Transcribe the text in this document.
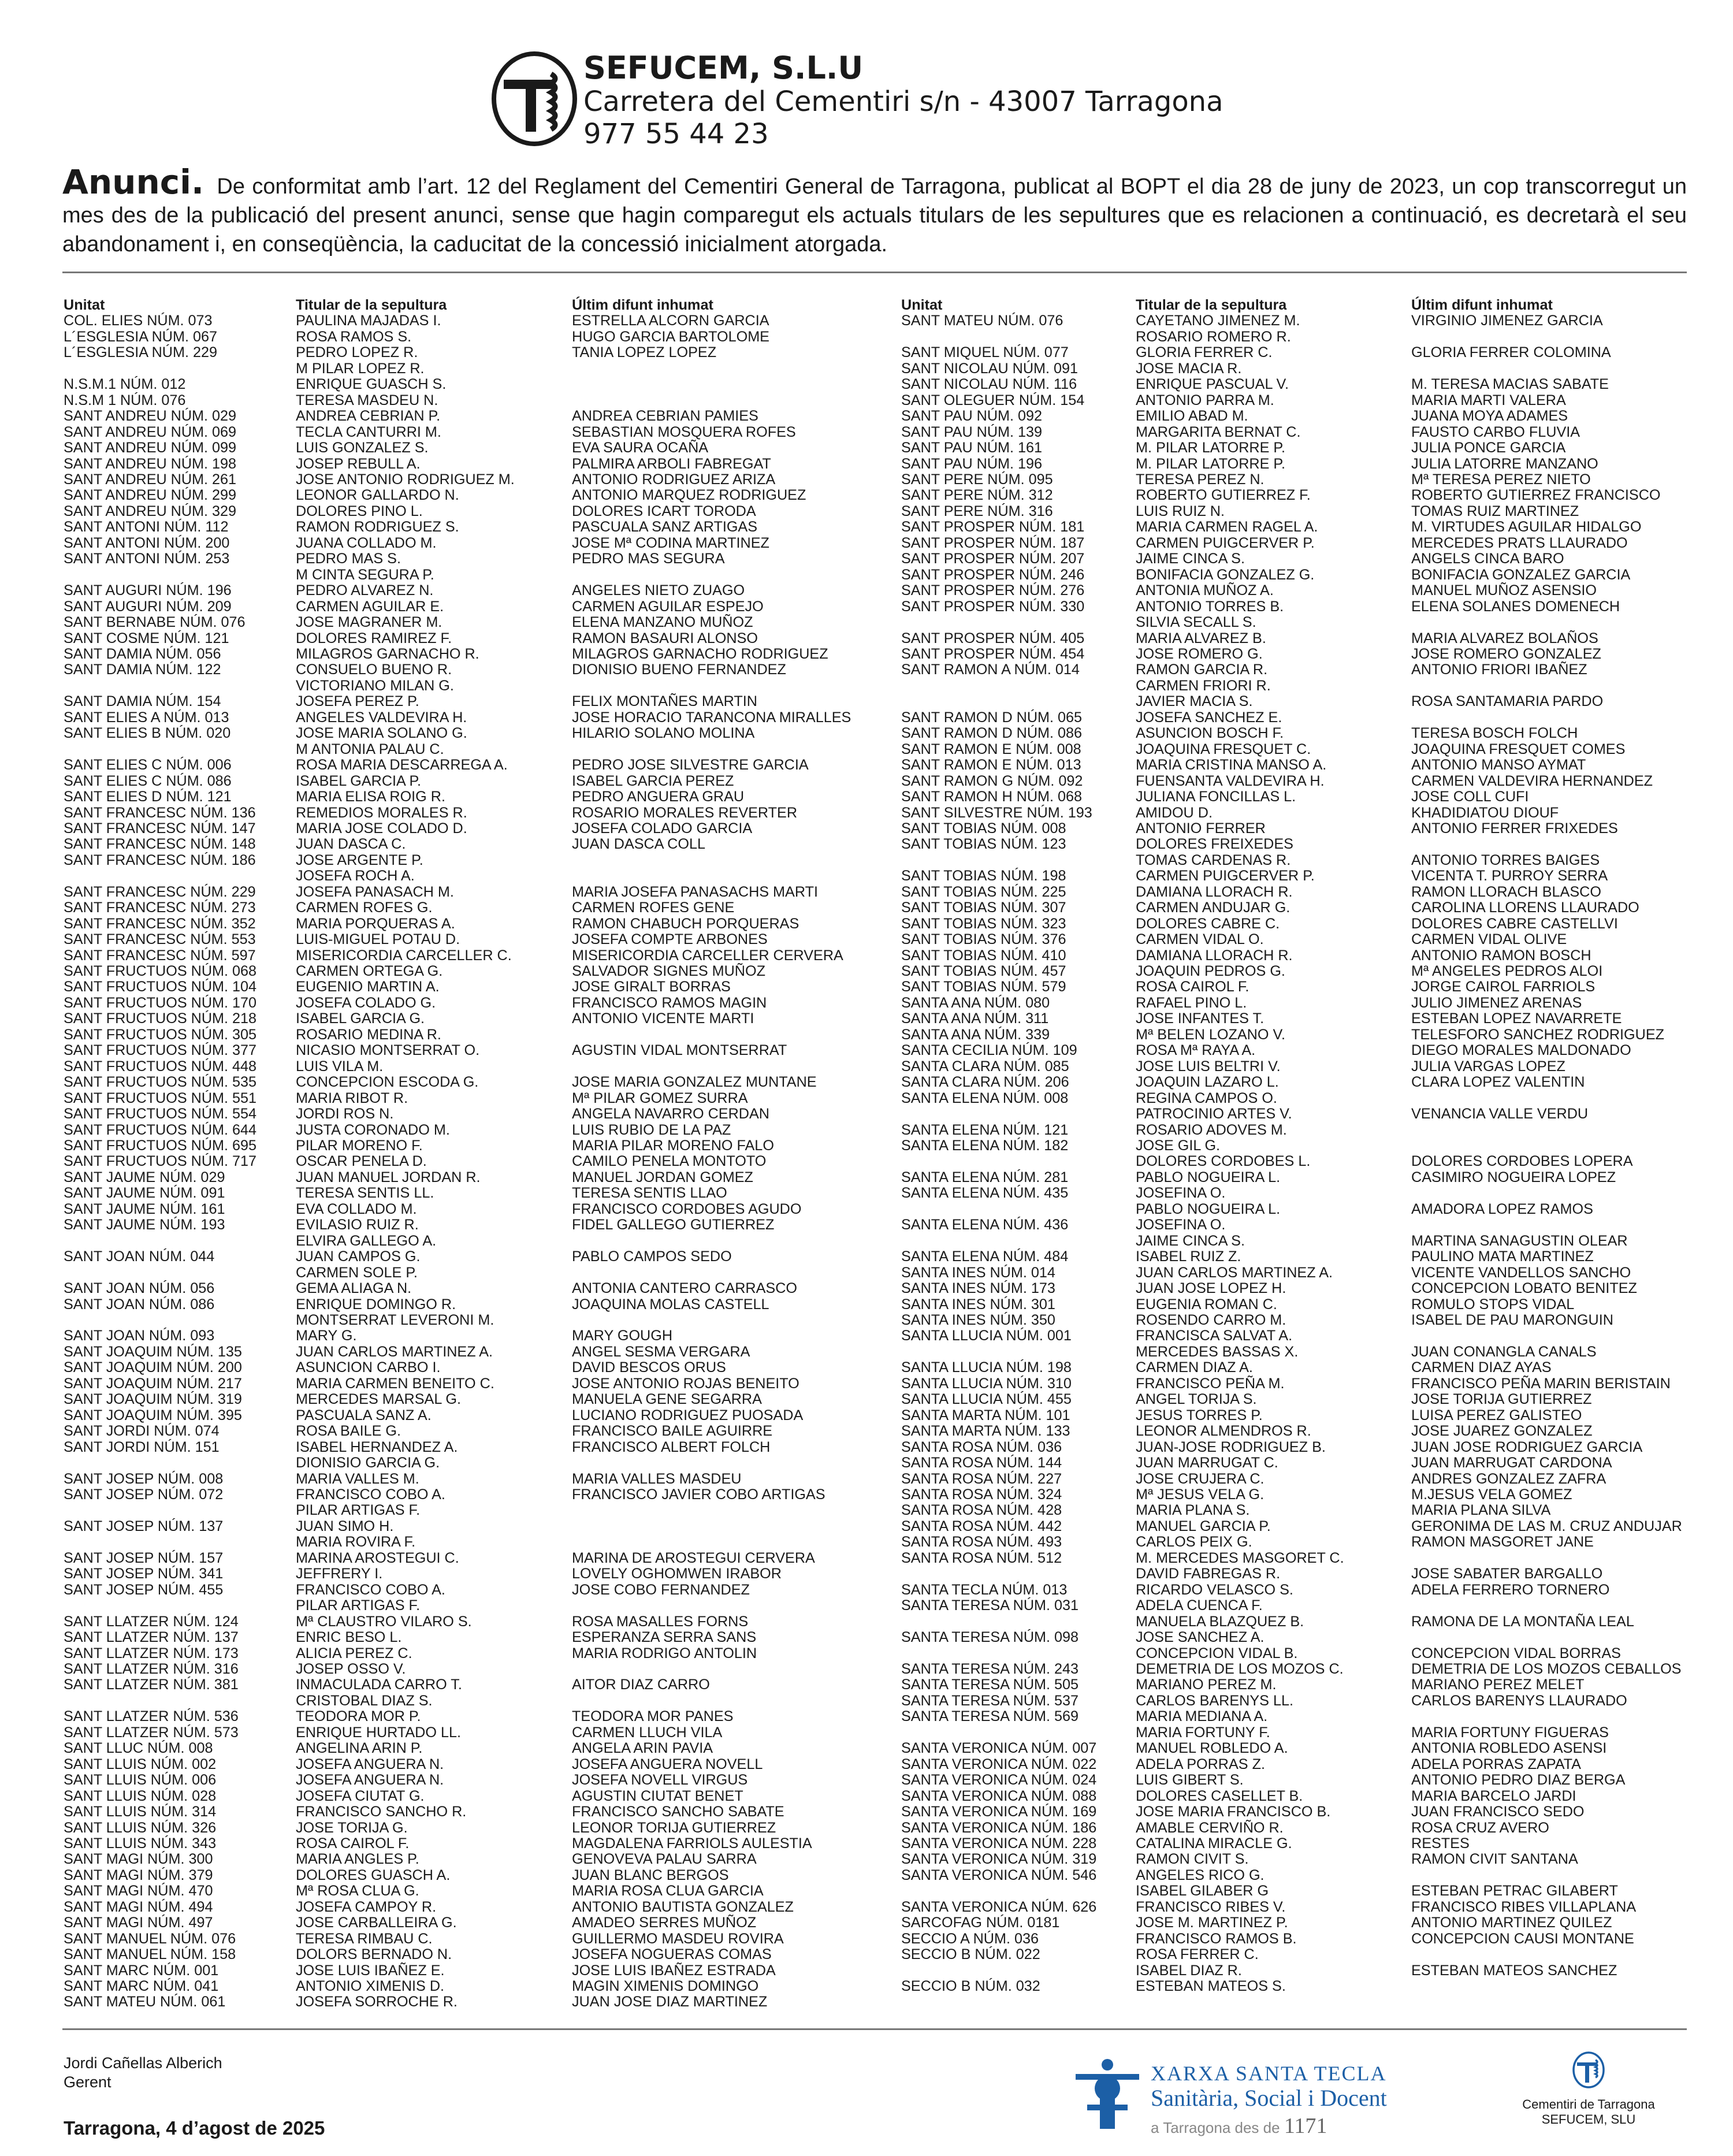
SEFUCEM, S.L.U
Carretera del Cementiri s/n - 43007 Tarragona
977 55 44 23
Anunci. De conformitat amb l’art. 12 del Reglament del Cementiri General de Tarragona, publicat al BOPT el dia 28 de juny de 2023, un cop transcorregut un mes des de la publicació del present anunci, sense que hagin comparegut els actuals titulars de les sepultures que es relacionen a continuació, es decretarà el seu abandonament i, en conseqüència, la caducitat de la concessió inicialment atorgada.
Unitat
COL. ELIES NÚM. 073
L´ESGLESIA NÚM. 067
L´ESGLESIA NÚM. 229

N.S.M.1 NÚM. 012
N.S.M 1 NÚM. 076
SANT ANDREU NÚM. 029
SANT ANDREU NÚM. 069
SANT ANDREU NÚM. 099
SANT ANDREU NÚM. 198
SANT ANDREU NÚM. 261
SANT ANDREU NÚM. 299
SANT ANDREU NÚM. 329
SANT ANTONI NÚM. 112
SANT ANTONI NÚM. 200
SANT ANTONI NÚM. 253

SANT AUGURI NÚM. 196
SANT AUGURI NÚM. 209
SANT BERNABE NÚM. 076
SANT COSME NÚM. 121
SANT DAMIA NÚM. 056
SANT DAMIA NÚM. 122

SANT DAMIA NÚM. 154
SANT ELIES A NÚM. 013
SANT ELIES B NÚM. 020

SANT ELIES C NÚM. 006
SANT ELIES C NÚM. 086
SANT ELIES D NÚM. 121
SANT FRANCESC NÚM. 136
SANT FRANCESC NÚM. 147
SANT FRANCESC NÚM. 148
SANT FRANCESC NÚM. 186

SANT FRANCESC NÚM. 229
SANT FRANCESC NÚM. 273
SANT FRANCESC NÚM. 352
SANT FRANCESC NÚM. 553
SANT FRANCESC NÚM. 597
SANT FRUCTUOS NÚM. 068
SANT FRUCTUOS NÚM. 104
SANT FRUCTUOS NÚM. 170
SANT FRUCTUOS NÚM. 218
SANT FRUCTUOS NÚM. 305
SANT FRUCTUOS NÚM. 377
SANT FRUCTUOS NÚM. 448
SANT FRUCTUOS NÚM. 535
SANT FRUCTUOS NÚM. 551
SANT FRUCTUOS NÚM. 554
SANT FRUCTUOS NÚM. 644
SANT FRUCTUOS NÚM. 695
SANT FRUCTUOS NÚM. 717
SANT JAUME NÚM. 029
SANT JAUME NÚM. 091
SANT JAUME NÚM. 161
SANT JAUME NÚM. 193

SANT JOAN NÚM. 044

SANT JOAN NÚM. 056
SANT JOAN NÚM. 086

SANT JOAN NÚM. 093
SANT JOAQUIM NÚM. 135
SANT JOAQUIM NÚM. 200
SANT JOAQUIM NÚM. 217
SANT JOAQUIM NÚM. 319
SANT JOAQUIM NÚM. 395
SANT JORDI NÚM. 074
SANT JORDI NÚM. 151

SANT JOSEP NÚM. 008
SANT JOSEP NÚM. 072

SANT JOSEP NÚM. 137

SANT JOSEP NÚM. 157
SANT JOSEP NÚM. 341
SANT JOSEP NÚM. 455

SANT LLATZER NÚM. 124
SANT LLATZER NÚM. 137
SANT LLATZER NÚM. 173
SANT LLATZER NÚM. 316
SANT LLATZER NÚM. 381

SANT LLATZER NÚM. 536
SANT LLATZER NÚM. 573
SANT LLUC NÚM. 008
SANT LLUIS NÚM. 002
SANT LLUIS NÚM. 006
SANT LLUIS NÚM. 028
SANT LLUIS NÚM. 314
SANT LLUIS NÚM. 326
SANT LLUIS NÚM. 343
SANT MAGI NÚM. 300
SANT MAGI NÚM. 379
SANT MAGI NÚM. 470
SANT MAGI NÚM. 494
SANT MAGI NÚM. 497
SANT MANUEL NÚM. 076
SANT MANUEL NÚM. 158
SANT MARC NÚM. 001
SANT MARC NÚM. 041
SANT MATEU NÚM. 061
Titular de la sepultura
PAULINA MAJADAS I.
ROSA RAMOS S.
PEDRO LOPEZ R.
M PILAR LOPEZ R.
ENRIQUE GUASCH S.
TERESA MASDEU N.
ANDREA CEBRIAN P.
TECLA CANTURRI M.
LUIS GONZALEZ S.
JOSEP REBULL A.
JOSE ANTONIO RODRIGUEZ M.
LEONOR GALLARDO N.
DOLORES PINO L.
RAMON RODRIGUEZ S.
JUANA COLLADO M.
PEDRO MAS S.
M CINTA SEGURA P.
PEDRO ALVAREZ N.
CARMEN AGUILAR E.
JOSE MAGRANER M.
DOLORES RAMIREZ F.
MILAGROS GARNACHO R.
CONSUELO BUENO R.
VICTORIANO MILAN G.
JOSEFA PEREZ P.
ANGELES VALDEVIRA H.
JOSE MARIA SOLANO G.
M ANTONIA PALAU C.
ROSA MARIA DESCARREGA A.
ISABEL GARCIA P.
MARIA ELISA ROIG R.
REMEDIOS MORALES R.
MARIA JOSE COLADO D.
JUAN DASCA C.
JOSE ARGENTE P.
JOSEFA ROCH A.
JOSEFA PANASACH M.
CARMEN ROFES G.
MARIA PORQUERAS A.
LUIS-MIGUEL POTAU D.
MISERICORDIA CARCELLER C.
CARMEN ORTEGA G.
EUGENIO MARTIN A.
JOSEFA COLADO G.
ISABEL GARCIA G.
ROSARIO MEDINA R.
NICASIO MONTSERRAT O.
LUIS VILA M.
CONCEPCION ESCODA G.
MARIA RIBOT R.
JORDI ROS N.
JUSTA CORONADO M.
PILAR MORENO F.
OSCAR PENELA D.
JUAN MANUEL JORDAN R.
TERESA SENTIS LL.
EVA COLLADO M.
EVILASIO RUIZ R.
ELVIRA GALLEGO A.
JUAN CAMPOS G.
CARMEN SOLE P.
GEMA ALIAGA N.
ENRIQUE DOMINGO R.
MONTSERRAT LEVERONI M.
MARY G.
JUAN CARLOS MARTINEZ A.
ASUNCION CARBO I.
MARIA CARMEN BENEITO C.
MERCEDES MARSAL G.
PASCUALA SANZ A.
ROSA BAILE G.
ISABEL HERNANDEZ A.
DIONISIO GARCIA G.
MARIA VALLES M.
FRANCISCO COBO A.
PILAR ARTIGAS F.
JUAN SIMO H.
MARIA ROVIRA F.
MARINA AROSTEGUI C.
JEFFRERY I.
FRANCISCO COBO A.
PILAR ARTIGAS F.
Mª CLAUSTRO VILARO S.
ENRIC BESO L.
ALICIA PEREZ C.
JOSEP OSSO V.
INMACULADA CARRO T.
CRISTOBAL DIAZ S.
TEODORA MOR P.
ENRIQUE HURTADO LL.
ANGELINA ARIN P.
JOSEFA ANGUERA N.
JOSEFA ANGUERA N.
JOSEFA CIUTAT G.
FRANCISCO SANCHO R.
JOSE TORIJA G.
ROSA CAIROL F.
MARIA ANGLES P.
DOLORES GUASCH A.
Mª ROSA CLUA G.
JOSEFA CAMPOY R.
JOSE CARBALLEIRA G.
TERESA RIMBAU C.
DOLORS BERNADO N.
JOSE LUIS IBAÑEZ E.
ANTONIO XIMENIS D.
JOSEFA SORROCHE R.
Últim difunt inhumat
ESTRELLA ALCORN GARCIA
HUGO GARCIA BARTOLOME
TANIA LOPEZ LOPEZ

ANDREA CEBRIAN PAMIES
SEBASTIAN MOSQUERA ROFES
EVA SAURA OCAÑA
PALMIRA ARBOLI FABREGAT
ANTONIO RODRIGUEZ ARIZA
ANTONIO MARQUEZ RODRIGUEZ
DOLORES ICART TORODA
PASCUALA SANZ ARTIGAS
JOSE Mª CODINA MARTINEZ
PEDRO MAS SEGURA

ANGELES NIETO ZUAGO
CARMEN AGUILAR ESPEJO
ELENA MANZANO MUÑOZ
RAMON BASAURI ALONSO
MILAGROS GARNACHO RODRIGUEZ
DIONISIO BUENO FERNANDEZ

FELIX MONTAÑES MARTIN
JOSE HORACIO TARANCONA MIRALLES
HILARIO SOLANO MOLINA

PEDRO JOSE SILVESTRE GARCIA
ISABEL GARCIA PEREZ
PEDRO ANGUERA GRAU
ROSARIO MORALES REVERTER
JOSEFA COLADO GARCIA
JUAN DASCA COLL

MARIA JOSEFA PANASACHS MARTI
CARMEN ROFES GENE
RAMON CHABUCH PORQUERAS
JOSEFA COMPTE ARBONES
MISERICORDIA CARCELLER CERVERA
SALVADOR SIGNES MUÑOZ
JOSE GIRALT BORRAS
FRANCISCO RAMOS MAGIN
ANTONIO VICENTE MARTI

AGUSTIN VIDAL MONTSERRAT

JOSE MARIA GONZALEZ MUNTANE
Mª PILAR GOMEZ SURRA
ANGELA NAVARRO CERDAN
LUIS RUBIO DE LA PAZ
MARIA PILAR MORENO FALO
CAMILO PENELA MONTOTO
MANUEL JORDAN GOMEZ
TERESA SENTIS LLAO
FRANCISCO CORDOBES AGUDO
FIDEL GALLEGO GUTIERREZ

PABLO CAMPOS SEDO

ANTONIA CANTERO CARRASCO
JOAQUINA MOLAS CASTELL

MARY GOUGH
ANGEL SESMA VERGARA
DAVID BESCOS ORUS
JOSE ANTONIO ROJAS BENEITO
MANUELA GENE SEGARRA
LUCIANO RODRIGUEZ PUOSADA
FRANCISCO BAILE AGUIRRE
FRANCISCO ALBERT FOLCH

MARIA VALLES MASDEU
FRANCISCO JAVIER COBO ARTIGAS

MARINA DE AROSTEGUI CERVERA
LOVELY OGHOMWEN IRABOR
JOSE COBO FERNANDEZ

ROSA MASALLES FORNS
ESPERANZA SERRA SANS
MARIA RODRIGO ANTOLIN

AITOR DIAZ CARRO

TEODORA MOR PANES
CARMEN LLUCH VILA
ANGELA ARIN PAVIA
JOSEFA ANGUERA NOVELL
JOSEFA NOVELL VIRGUS
AGUSTIN CIUTAT BENET
FRANCISCO SANCHO SABATE
LEONOR TORIJA GUTIERREZ
MAGDALENA FARRIOLS AULESTIA
GENOVEVA PALAU SARRA
JUAN BLANC BERGOS
MARIA ROSA CLUA GARCIA
ANTONIO BAUTISTA GONZALEZ
AMADEO SERRES MUÑOZ
GUILLERMO MASDEU ROVIRA
JOSEFA NOGUERAS COMAS
JOSE LUIS IBAÑEZ ESTRADA
MAGIN XIMENIS DOMINGO
JUAN JOSE DIAZ MARTINEZ
Unitat
SANT MATEU NÚM. 076

SANT MIQUEL NÚM. 077
SANT NICOLAU NÚM. 091
SANT NICOLAU NÚM. 116
SANT OLEGUER NÚM. 154
SANT PAU NÚM. 092
SANT PAU NÚM. 139
SANT PAU NÚM. 161
SANT PAU NÚM. 196
SANT PERE NÚM. 095
SANT PERE NÚM. 312
SANT PERE NÚM. 316
SANT PROSPER NÚM. 181
SANT PROSPER NÚM. 187
SANT PROSPER NÚM. 207
SANT PROSPER NÚM. 246
SANT PROSPER NÚM. 276
SANT PROSPER NÚM. 330

SANT PROSPER NÚM. 405
SANT PROSPER NÚM. 454
SANT RAMON A NÚM. 014

SANT RAMON D NÚM. 065
SANT RAMON D NÚM. 086
SANT RAMON E NÚM. 008
SANT RAMON E NÚM. 013
SANT RAMON G NÚM. 092
SANT RAMON H NÚM. 068
SANT SILVESTRE NÚM. 193
SANT TOBIAS NÚM. 008
SANT TOBIAS NÚM. 123

SANT TOBIAS NÚM. 198
SANT TOBIAS NÚM. 225
SANT TOBIAS NÚM. 307
SANT TOBIAS NÚM. 323
SANT TOBIAS NÚM. 376
SANT TOBIAS NÚM. 410
SANT TOBIAS NÚM. 457
SANT TOBIAS NÚM. 579
SANTA ANA NÚM. 080
SANTA ANA NÚM. 311
SANTA ANA NÚM. 339
SANTA CECILIA NÚM. 109
SANTA CLARA NÚM. 085
SANTA CLARA NÚM. 206
SANTA ELENA NÚM. 008

SANTA ELENA NÚM. 121
SANTA ELENA NÚM. 182

SANTA ELENA NÚM. 281
SANTA ELENA NÚM. 435

SANTA ELENA NÚM. 436

SANTA ELENA NÚM. 484
SANTA INES NÚM. 014
SANTA INES NÚM. 173
SANTA INES NÚM. 301
SANTA INES NÚM. 350
SANTA LLUCIA NÚM. 001

SANTA LLUCIA NÚM. 198
SANTA LLUCIA NÚM. 310
SANTA LLUCIA NÚM. 455
SANTA MARTA NÚM. 101
SANTA MARTA NÚM. 133
SANTA ROSA NÚM. 036
SANTA ROSA NÚM. 144
SANTA ROSA NÚM. 227
SANTA ROSA NÚM. 324
SANTA ROSA NÚM. 428
SANTA ROSA NÚM. 442
SANTA ROSA NÚM. 493
SANTA ROSA NÚM. 512

SANTA TECLA NÚM. 013
SANTA TERESA NÚM. 031

SANTA TERESA NÚM. 098

SANTA TERESA NÚM. 243
SANTA TERESA NÚM. 505
SANTA TERESA NÚM. 537
SANTA TERESA NÚM. 569

SANTA VERONICA NÚM. 007
SANTA VERONICA NÚM. 022
SANTA VERONICA NÚM. 024
SANTA VERONICA NÚM. 088
SANTA VERONICA NÚM. 169
SANTA VERONICA NÚM. 186
SANTA VERONICA NÚM. 228
SANTA VERONICA NÚM. 319
SANTA VERONICA NÚM. 546

SANTA VERONICA NÚM. 626
SARCOFAG NÚM. 0181
SECCIO A NÚM. 036
SECCIO B NÚM. 022

SECCIO B NÚM. 032
Titular de la sepultura
CAYETANO JIMENEZ M.
ROSARIO ROMERO R.
GLORIA FERRER C.
JOSE MACIA R.
ENRIQUE PASCUAL V.
ANTONIO PARRA M.
EMILIO ABAD M.
MARGARITA BERNAT C.
M. PILAR LATORRE P.
M. PILAR LATORRE P.
TERESA PEREZ N.
ROBERTO GUTIERREZ F.
LUIS RUIZ N.
MARIA CARMEN RAGEL A.
CARMEN PUIGCERVER P.
JAIME CINCA S.
BONIFACIA GONZALEZ G.
ANTONIA MUÑOZ A.
ANTONIO TORRES B.
SILVIA SECALL S.
MARIA ALVAREZ B.
JOSE ROMERO G.
RAMON GARCIA R.
CARMEN FRIORI R.
JAVIER MACIA S.
JOSEFA SANCHEZ E.
ASUNCION BOSCH F.
JOAQUINA FRESQUET C.
MARIA CRISTINA MANSO A.
FUENSANTA VALDEVIRA H.
JULIANA FONCILLAS L.
AMIDOU D.
ANTONIO FERRER
DOLORES FREIXEDES
TOMAS CARDENAS R.
CARMEN PUIGCERVER P.
DAMIANA LLORACH R.
CARMEN ANDUJAR G.
DOLORES CABRE C.
CARMEN VIDAL O.
DAMIANA LLORACH R.
JOAQUIN PEDROS G.
ROSA CAIROL F.
RAFAEL PINO L.
JOSE INFANTES T.
Mª BELEN LOZANO V.
ROSA Mª RAYA A.
JOSE LUIS BELTRI V.
JOAQUIN LAZARO L.
REGINA CAMPOS O.
PATROCINIO ARTES V.
ROSARIO ADOVES M.
JOSE GIL G.
DOLORES CORDOBES L.
PABLO NOGUEIRA L.
JOSEFINA O.
PABLO NOGUEIRA L.
JOSEFINA O.
JAIME CINCA S.
ISABEL RUIZ Z.
JUAN CARLOS MARTINEZ A.
JUAN JOSE LOPEZ H.
EUGENIA ROMAN C.
ROSENDO CARRO M.
FRANCISCA SALVAT A.
MERCEDES BASSAS X.
CARMEN DIAZ A.
FRANCISCO PEÑA M.
ANGEL TORIJA S.
JESUS TORRES P.
LEONOR ALMENDROS R.
JUAN-JOSE RODRIGUEZ B.
JUAN MARRUGAT C.
JOSE CRUJERA C.
Mª JESUS VELA G.
MARIA PLANA S.
MANUEL GARCIA P.
CARLOS PEIX G.
M. MERCEDES MASGORET C.
DAVID FABREGAS R.
RICARDO VELASCO S.
ADELA CUENCA F.
MANUELA BLAZQUEZ B.
JOSE SANCHEZ A.
CONCEPCION VIDAL B.
DEMETRIA DE LOS MOZOS C.
MARIANO PEREZ M.
CARLOS BARENYS LL.
MARIA MEDIANA A.
MARIA FORTUNY F.
MANUEL ROBLEDO A.
ADELA PORRAS Z.
LUIS GIBERT S.
DOLORES CASELLET B.
JOSE MARIA FRANCISCO B.
AMABLE CERVIÑO R.
CATALINA MIRACLE G.
RAMON CIVIT S.
ANGELES RICO G.
ISABEL GILABER G
FRANCISCO RIBES V.
JOSE M. MARTINEZ P.
FRANCISCO RAMOS B.
ROSA FERRER C.
ISABEL DIAZ R.
ESTEBAN MATEOS S.
Últim difunt inhumat
VIRGINIO JIMENEZ GARCIA

GLORIA FERRER COLOMINA

M. TERESA MACIAS SABATE
MARIA MARTI VALERA
JUANA MOYA ADAMES
FAUSTO CARBO FLUVIA
JULIA PONCE GARCIA
JULIA LATORRE MANZANO
Mª TERESA PEREZ NIETO
ROBERTO GUTIERREZ FRANCISCO
TOMAS RUIZ MARTINEZ
M. VIRTUDES AGUILAR HIDALGO
MERCEDES PRATS LLAURADO
ANGELS CINCA BARO
BONIFACIA GONZALEZ GARCIA
MANUEL MUÑOZ ASENSIO
ELENA SOLANES DOMENECH

MARIA ALVAREZ BOLAÑOS
JOSE ROMERO GONZALEZ
ANTONIO FRIORI IBAÑEZ

ROSA SANTAMARIA PARDO

TERESA BOSCH FOLCH
JOAQUINA FRESQUET COMES
ANTONIO MANSO AYMAT
CARMEN VALDEVIRA HERNANDEZ
JOSE COLL CUFI
KHADIDIATOU DIOUF
ANTONIO FERRER FRIXEDES

ANTONIO TORRES BAIGES
VICENTA T. PURROY SERRA
RAMON LLORACH BLASCO
CAROLINA LLORENS LLAURADO
DOLORES CABRE CASTELLVI
CARMEN VIDAL OLIVE
ANTONIO RAMON BOSCH
Mª ANGELES PEDROS ALOI
JORGE CAIROL FARRIOLS
JULIO JIMENEZ ARENAS
ESTEBAN LOPEZ NAVARRETE
TELESFORO SANCHEZ RODRIGUEZ
DIEGO MORALES MALDONADO
JULIA VARGAS LOPEZ
CLARA LOPEZ VALENTIN

VENANCIA VALLE VERDU

DOLORES CORDOBES LOPERA
CASIMIRO NOGUEIRA LOPEZ

AMADORA LOPEZ RAMOS

MARTINA SANAGUSTIN OLEAR
PAULINO MATA MARTINEZ
VICENTE VANDELLOS SANCHO
CONCEPCION LOBATO BENITEZ
ROMULO STOPS VIDAL
ISABEL DE PAU MARONGUIN

JUAN CONANGLA CANALS
CARMEN DIAZ AYAS
FRANCISCO PEÑA MARIN BERISTAIN
JOSE TORIJA GUTIERREZ
LUISA PEREZ GALISTEO
JOSE JUAREZ GONZALEZ
JUAN JOSE RODRIGUEZ GARCIA
JUAN MARRUGAT CARDONA
ANDRES GONZALEZ ZAFRA
M.JESUS VELA GOMEZ
MARIA PLANA SILVA
GERONIMA DE LAS M. CRUZ ANDUJAR
RAMON MASGORET JANE

JOSE SABATER BARGALLO
ADELA FERRERO TORNERO

RAMONA DE LA MONTAÑA LEAL

CONCEPCION VIDAL BORRAS
DEMETRIA DE LOS MOZOS CEBALLOS
MARIANO PEREZ MELET
CARLOS BARENYS LLAURADO

MARIA FORTUNY FIGUERAS
ANTONIA ROBLEDO ASENSI
ADELA PORRAS ZAPATA
ANTONIO PEDRO DIAZ BERGA
MARIA BARCELO JARDI
JUAN FRANCISCO SEDO
ROSA CRUZ AVERO
RESTES
RAMON CIVIT SANTANA

ESTEBAN PETRAC GILABERT
FRANCISCO RIBES VILLAPLANA
ANTONIO MARTINEZ QUILEZ
CONCEPCION CAUSI MONTANE

ESTEBAN MATEOS SANCHEZ
Jordi Cañellas Alberich
Gerent
Tarragona, 4 d’agost de 2025
XARXA SANTA TECLA
Sanitària, Social i Docent
a Tarragona des de 1171
Cementiri de Tarragona
SEFUCEM, SLU
